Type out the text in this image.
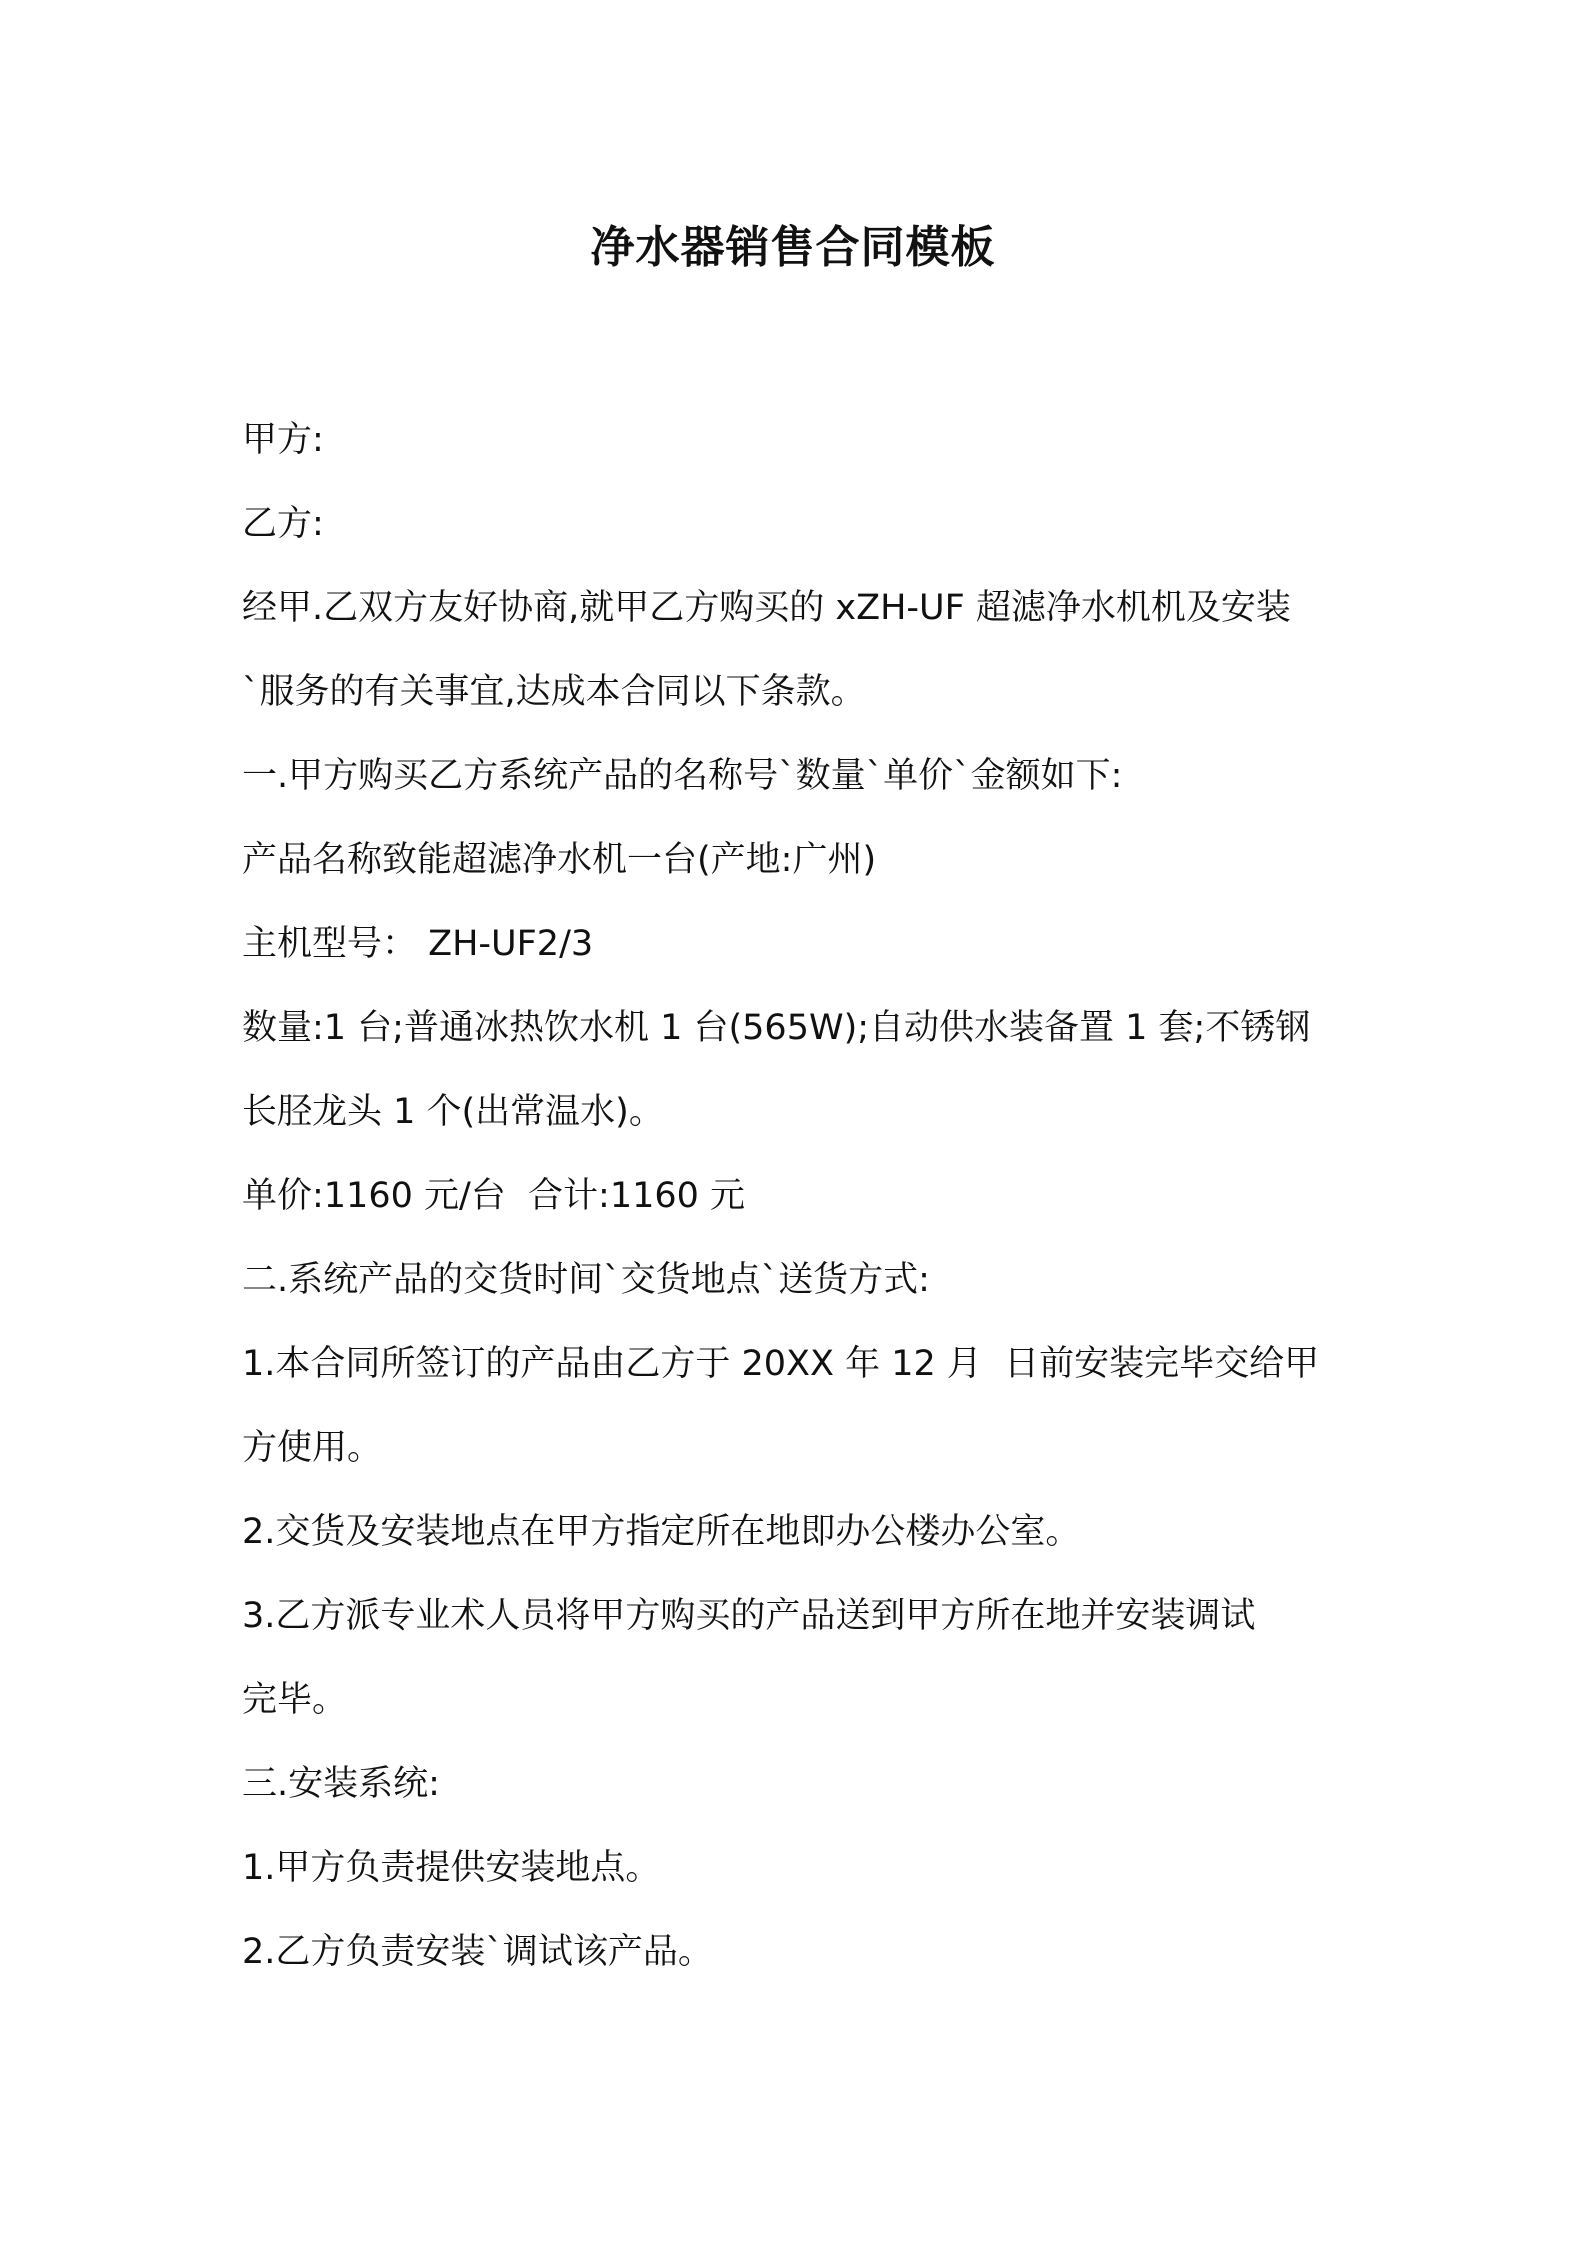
净水器销售合同模板
甲方:
乙方:
经甲.乙双方友好协商,就甲乙方购买的 xZH-UF 超滤净水机机及安装
`服务的有关事宜,达成本合同以下条款。
一.甲方购买乙方系统产品的名称号`数量`单价`金额如下:
产品名称致能超滤净水机一台(产地:广州)
主机型号： ZH-UF2/3
数量:1 台;普通冰热饮水机 1 台(565W);自动供水装备置 1 套;不锈钢
长胫龙头 1 个(出常温水)。
单价:1160 元/台  合计:1160 元
二.系统产品的交货时间`交货地点`送货方式:
1.本合同所签订的产品由乙方于 20XX 年 12 月  日前安装完毕交给甲
方使用。
2.交货及安装地点在甲方指定所在地即办公楼办公室。
3.乙方派专业术人员将甲方购买的产品送到甲方所在地并安装调试
完毕。
三.安装系统:
1.甲方负责提供安装地点。
2.乙方负责安装`调试该产品。
